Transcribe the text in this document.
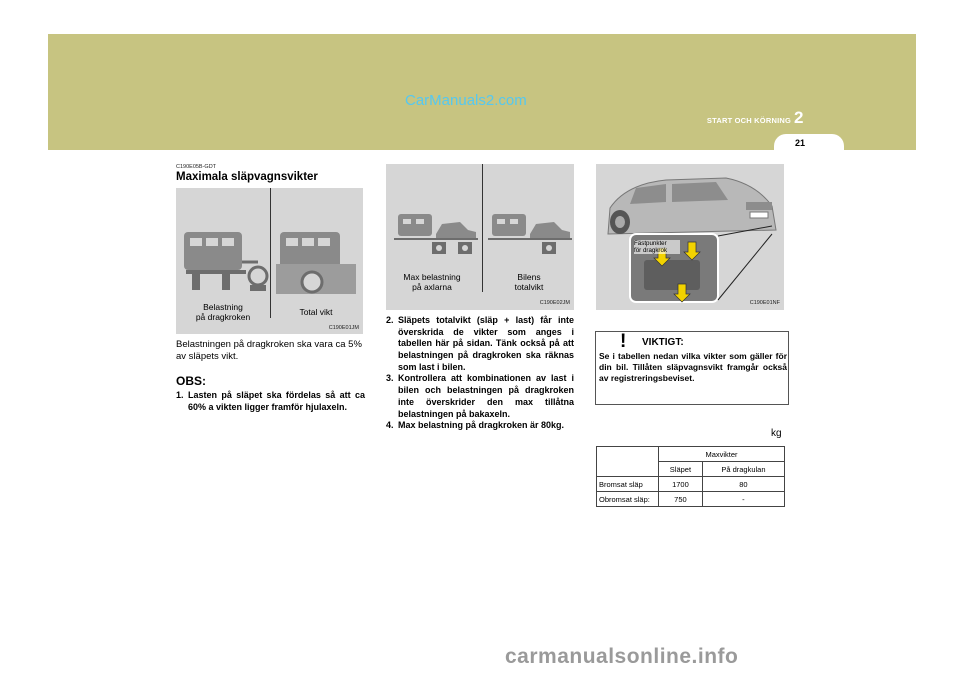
CarManuals2.com
2
START OCH KÖRNING
21
C190E05B-GDT
Maximala släpvagnsvikter
Belastning
på dragkroken
Total vikt
C190E01JM
Max belastning
på axlarna
Bilens
totalvikt
C190E02JM
Fästpunkter
för dragkrok
C190E01NF
Belastningen på dragkroken ska vara ca 5% av släpets vikt.
OBS:
1. Lasten på släpet ska fördelas så att ca 60% a vikten ligger framför hjulaxeln.
2. Släpets totalvikt (släp + last) får inte överskrida de vikter som anges i tabellen här på sidan. Tänk också på att belastningen på dragkroken ska räknas som last i bilen.
3. Kontrollera att kombinationen av last i bilen och belastningen på dragkroken inte överskrider den max tillåtna belastningen på bakaxeln.
4. Max belastning på dragkroken är 80kg.
! VIKTIGT:
Se i tabellen nedan vilka vikter som gäller för din bil. Tillåten släpvagnsvikt framgår också av registreringsbeviset.
kg
	Maxvikter	
	Släpet	På dragkulan
Bromsat släp	1700	80
Obromsat släp:	750	-
carmanualsonline.info
